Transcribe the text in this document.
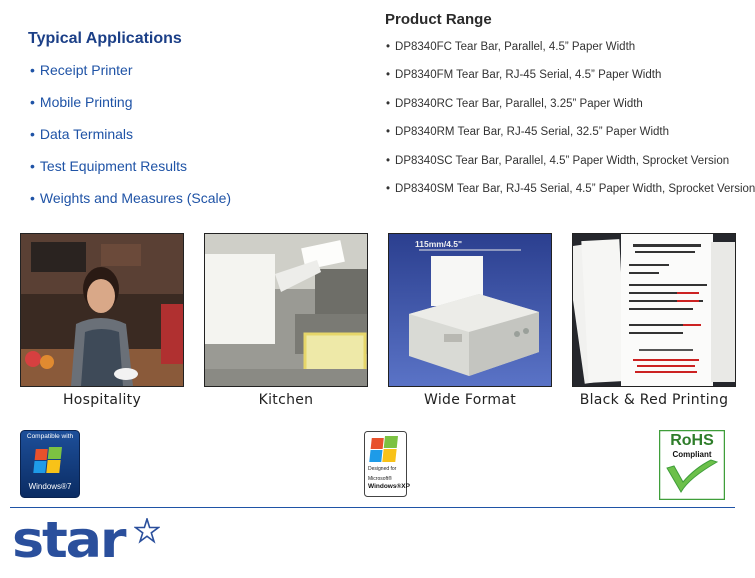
Typical Applications
• Receipt Printer
• Mobile Printing
• Data Terminals
• Test Equipment Results
• Weights and Measures (Scale)
Product Range
• DP8340FC Tear Bar, Parallel, 4.5” Paper Width
• DP8340FM Tear Bar, RJ-45 Serial, 4.5” Paper Width
• DP8340RC Tear Bar, Parallel, 3.25” Paper Width
• DP8340RM Tear Bar, RJ-45 Serial, 32.5” Paper Width
• DP8340SC Tear Bar, Parallel, 4.5” Paper Width, Sprocket Version
• DP8340SM Tear Bar, RJ-45 Serial, 4.5” Paper Width, Sprocket Version
Hospitality	Kitchen
115mm/4.5"
Wide Format	Black & Red Printing
Compatible with
Windows®7
Designed for
Microsoft®
Windows®XP
RoHS
Compliant
star
